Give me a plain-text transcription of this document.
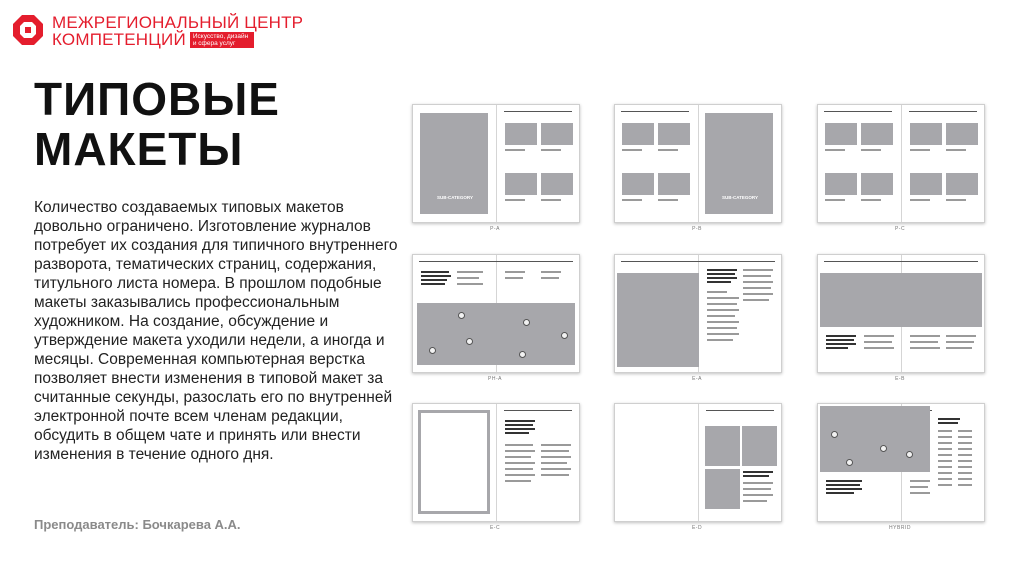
МЕЖРЕГИОНАЛЬНЫЙ ЦЕНТР
КОМПЕТЕНЦИЙ	Искусство, дизайн и сфера услуг
ТИПОВЫЕ
МАКЕТЫ

Количество создаваемых типовых макетов довольно ограничено. Изготовление журналов потребует их создания для типичного внутреннего разворота, тематических страниц, содержания, титульного листа номера. В прошлом подобные макеты заказывались профессиональным художником. На создание, обсуждение и утверждение макета уходили недели, а иногда и месяцы. Современная компьютерная верстка позволяет внести изменения в типовой макет за считанные секунды, разослать его по внутренней электронной почте всем членам редакции, обсудить в общем чате и принять или внести изменения в течение одного дня.

Преподаватель: Бочкарева А.А.
SUB-CATEGORY
P-A
SUB-CATEGORY
P-B	P-C
PH-A	E-A	E-B
E-C	E-D	HYBRID
